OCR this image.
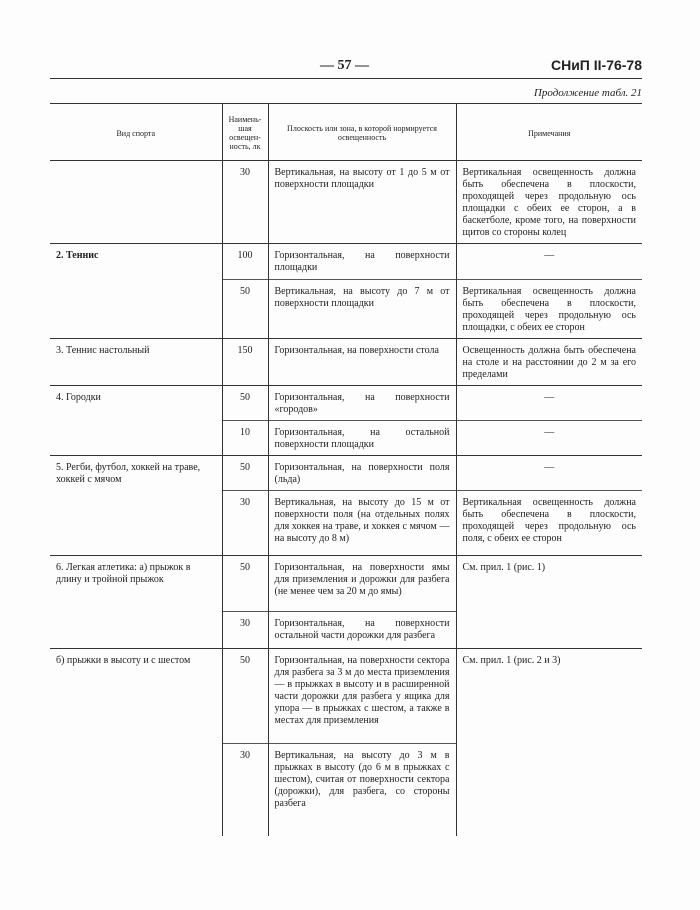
— 57 —	СНиП II-76-78
Продолжение табл. 21
Вид спорта	Наимень-шая освещен-ность, лк	Плоскость или зона, в которой нормируется освещенность	Примечания
	30	Вертикальная, на высоту от 1 до 5 м от поверхности площадки	Вертикальная освещенность должна быть обеспечена в плоскости, проходящей через продольную ось площадки с обеих ее сторон, а в баскетболе, кроме того, на поверхности щитов со стороны колец
2. Теннис	100	Горизонтальная, на поверхности площадки	—
	50	Вертикальная, на высоту до 7 м от поверхности площадки	Вертикальная освещенность должна быть обеспечена в плоскости, проходящей через продольную ось площадки, с обеих ее сторон
3. Теннис настольный	150	Горизонтальная, на поверхности стола	Освещенность должна быть обеспечена на столе и на расстоянии до 2 м за его пределами
4. Городки	50	Горизонтальная, на поверхности «городов»	—
	10	Горизонтальная, на остальной поверхности площадки	—
5. Регби, футбол, хоккей на траве, хоккей с мячом	50	Горизонтальная, на поверхности поля (льда)	—
	30	Вертикальная, на высоту до 15 м от поверхности поля (на отдельных полях для хоккея на траве, и хоккея с мячом — на высоту до 8 м)	Вертикальная освещенность должна быть обеспечена в плоскости, проходящей через продольную ось поля, с обеих ее сторон
6. Легкая атлетика: а) прыжок в длину и тройной прыжок	50	Горизонтальная, на поверхности ямы для приземления и дорожки для разбега (не менее чем за 20 м до ямы)	См. прил. 1 (рис. 1)
	30	Горизонтальная, на поверхности остальной части дорожки для разбега	
б) прыжки в высоту и с шестом	50	Горизонтальная, на поверхности сектора для разбега за 3 м до места приземления — в прыжках в высоту и в расширенной части дорожки для разбега у ящика для упора — в прыжках с шестом, а также в местах для приземления	См. прил. 1 (рис. 2 и 3)
	30	Вертикальная, на высоту до 3 м в прыжках в высоту (до 6 м в прыжках с шестом), считая от поверхности сектора (дорожки), для разбега, со стороны разбега	
